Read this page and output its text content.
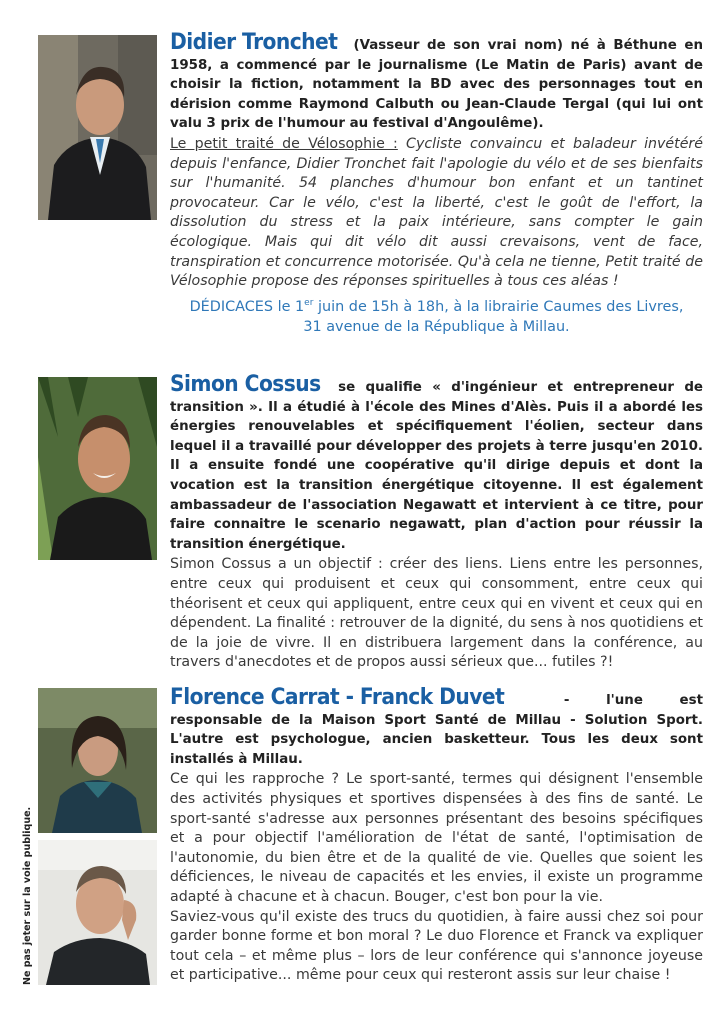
Didier Tronchet (Vasseur de son vrai nom) né à Béthune en 1958, a commencé par le journalisme (Le Matin de Paris) avant de choisir la fiction, notamment la BD avec des personnages tout en dérision comme Raymond Calbuth ou Jean-Claude Tergal (qui lui ont valu 3 prix de l'humour au festival d'Angoulême).

Le petit traité de Vélosophie : Cycliste convaincu et baladeur invétéré depuis l'enfance, Didier Tronchet fait l'apologie du vélo et de ses bienfaits sur l'humanité. 54 planches d'humour bon enfant et un tantinet provocateur. Car le vélo, c'est la liberté, c'est le goût de l'effort, la dissolution du stress et la paix intérieure, sans compter le gain écologique. Mais qui dit vélo dit aussi crevaisons, vent de face, transpiration et concurrence motorisée. Qu'à cela ne tienne, Petit traité de Vélosophie propose des réponses spirituelles à tous ces aléas !

DÉDICACES le 1er juin de 15h à 18h, à la librairie Caumes des Livres,
31 avenue de la République à Millau.

Simon Cossus se qualifie « d'ingénieur et entrepreneur de transition ». Il a étudié à l'école des Mines d'Alès. Puis il a abordé les énergies renouvelables et spécifiquement l'éolien, secteur dans lequel il a travaillé pour développer des projets à terre jusqu'en 2010. Il a ensuite fondé une coopérative qu'il dirige depuis et dont la vocation est la transition énergétique citoyenne. Il est également ambassadeur de l'association Negawatt et intervient à ce titre, pour faire connaitre le scenario negawatt, plan d'action pour réussir la transition énergétique.

Simon Cossus a un objectif : créer des liens. Liens entre les personnes, entre ceux qui produisent et ceux qui consomment, entre ceux qui théorisent et ceux qui appliquent, entre ceux qui en vivent et ceux qui en dépendent. La finalité : retrouver de la dignité, du sens à nos quotidiens et de la joie de vivre. Il en distribuera largement dans la conférence, au travers d'anecdotes et de propos aussi sérieux que... futiles ?!

Ne pas jeter sur la voie publique.

Florence Carrat - Franck Duvet - l'une est responsable de la Maison Sport Santé de Millau - Solution Sport. L'autre est psychologue, ancien basketteur. Tous les deux sont installés à Millau.

Ce qui les rapproche ? Le sport-santé, termes qui désignent l'ensemble des activités physiques et sportives dispensées à des fins de santé. Le sport-santé s'adresse aux personnes présentant des besoins spécifiques et a pour objectif l'amélioration de l'état de santé, l'optimisation de l'autonomie, du bien être et de la qualité de vie. Quelles que soient les déficiences, le niveau de capacités et les envies, il existe un programme adapté à chacune et à chacun. Bouger, c'est bon pour la vie.

Saviez-vous qu'il existe des trucs du quotidien, à faire aussi chez soi pour garder bonne forme et bon moral ? Le duo Florence et Franck va expliquer tout cela – et même plus – lors de leur conférence qui s'annonce joyeuse et participative... même pour ceux qui resteront assis sur leur chaise !
